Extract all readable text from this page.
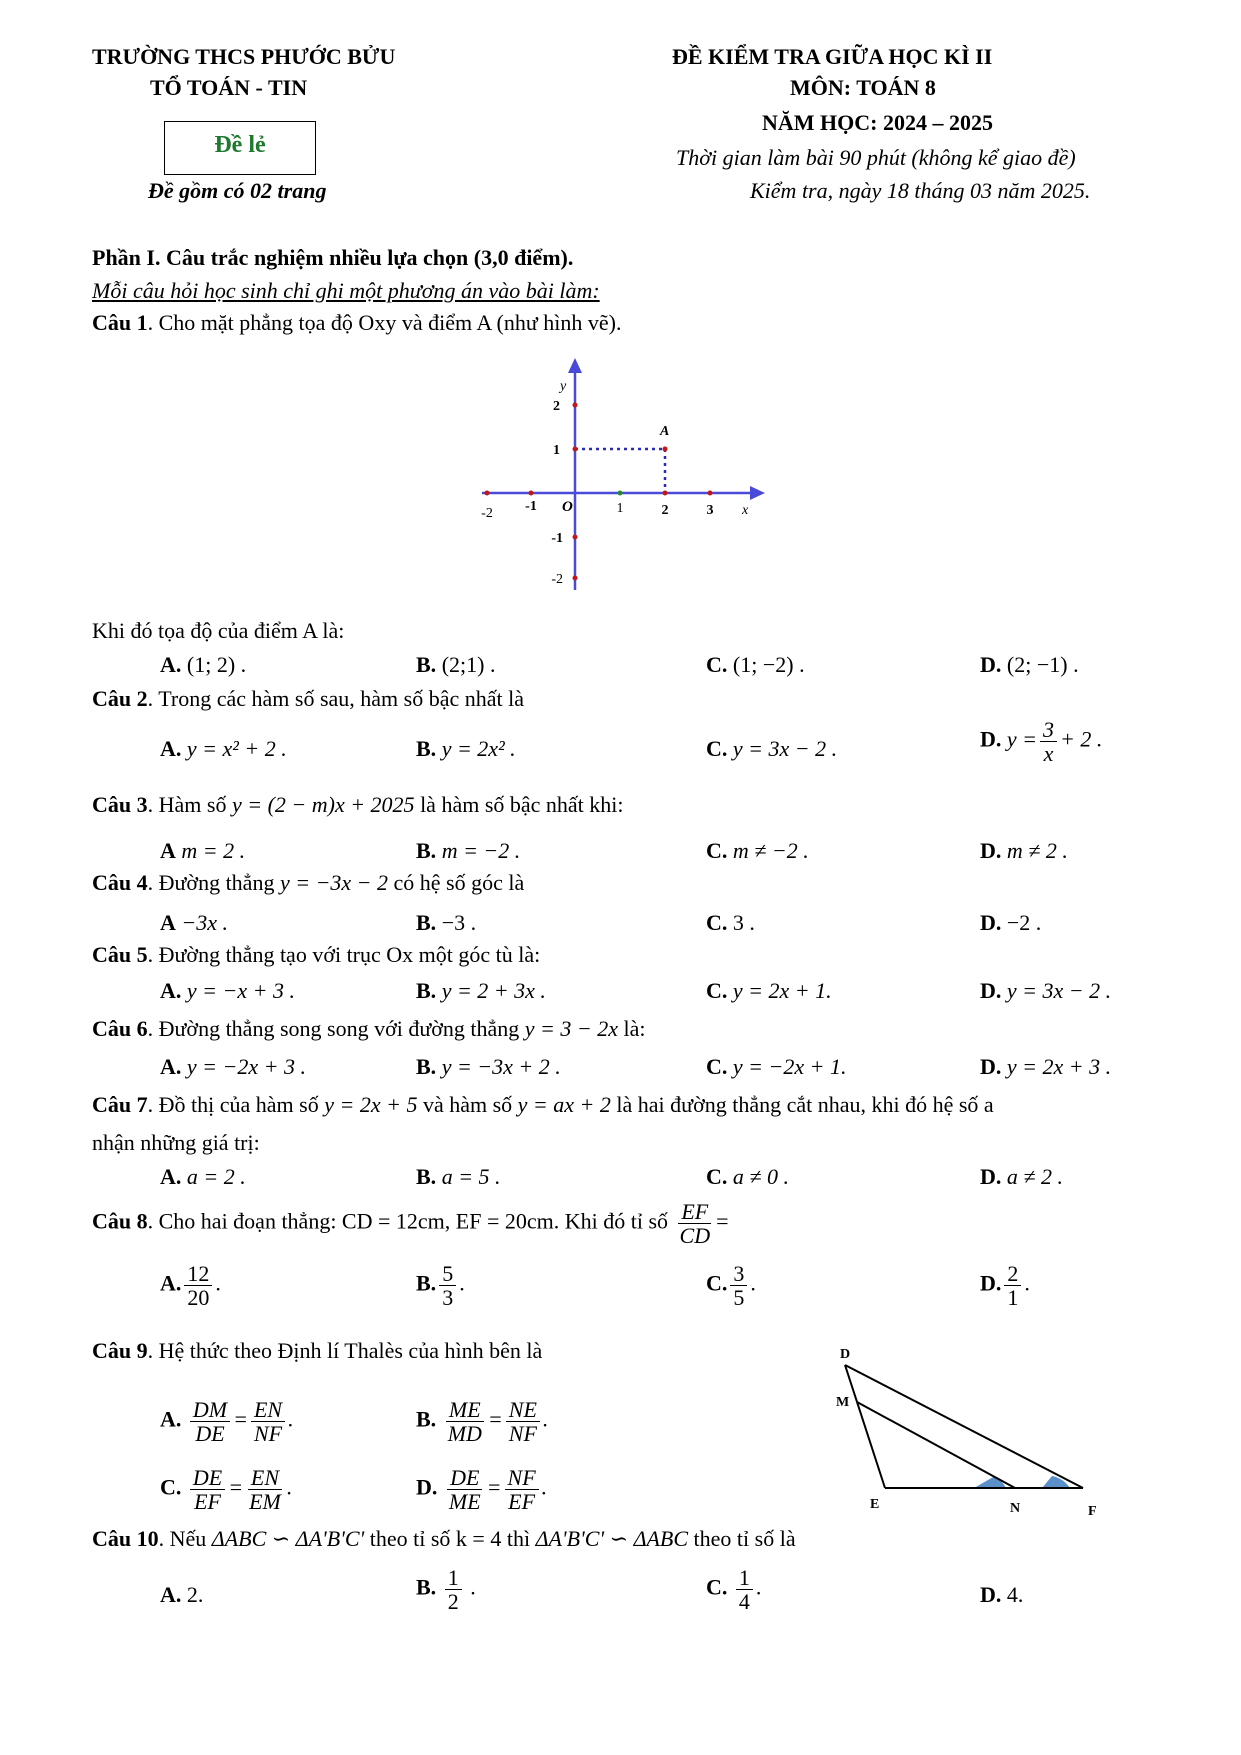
TRƯỜNG THCS PHƯỚC BỬU
TỔ TOÁN - TIN
Đề lẻ
Đề gồm có 02 trang
ĐỀ KIỂM TRA GIỮA HỌC KÌ II
MÔN: TOÁN 8
NĂM HỌC: 2024 – 2025
Thời gian làm bài 90 phút (không kể giao đề)
Kiểm tra, ngày 18 tháng 03 năm 2025.
Phần I. Câu trắc nghiệm nhiều lựa chọn (3,0 điểm).
Mỗi câu hỏi học sinh chỉ ghi một phương án vào bài làm:
Câu 1. Cho mặt phẳng tọa độ Oxy và điểm A (như hình vẽ).
-2 -1	1	2	3
O	x
y
2
1
-1
-2
A
Khi đó tọa độ của điểm A là:
A. (1; 2) .	B. (2;1) .	C. (1; −2) .	D. (2; −1) .
Câu 2. Trong các hàm số sau, hàm số bậc nhất là
A. y = x² + 2 .	B. y = 2x² .	C. y = 3x − 2 .	D. $y = \frac{3}{x} + 2$ .
Câu 3. Hàm số y = (2 − m)x + 2025 là hàm số bậc nhất khi:
A m = 2 .	B. m = −2 .	C. m ≠ −2 .	D. m ≠ 2 .
Câu 4. Đường thẳng y = −3x − 2 có hệ số góc là
A −3x .	B. −3 .	C. 3 .	D. −2 .
Câu 5. Đường thẳng tạo với trục Ox một góc tù là:
A. y = −x + 3 .	B. y = 2 + 3x .	C. y = 2x + 1.	D. y = 3x − 2 .
Câu 6. Đường thẳng song song với đường thẳng y = 3 − 2x là:
A. y = −2x + 3 .	B. y = −3x + 2 .	C. y = −2x + 1.	D. y = 2x + 3 .
Câu 7. Đồ thị của hàm số y = 2x + 5 và hàm số y = ax + 2 là hai đường thẳng cắt nhau, khi đó hệ số a
nhận những giá trị:
A. a = 2 .	B. a = 5 .	C. a ≠ 0 .	D. a ≠ 2 .
Câu 8. Cho hai đoạn thẳng: CD = 12cm, EF = 20cm. Khi đó tỉ số $\frac{EF}{CD}$ =
A. $\frac{12}{20}$ .	B. $\frac{5}{3}$ .	C. $\frac{3}{5}$ .	D. $\frac{2}{1}$ .
Câu 9. Hệ thức theo Định lí Thalès của hình bên là
A. $\frac{DM}{DE} = \frac{EN}{NF}$ .	B. $\frac{ME}{MD} = \frac{NE}{NF}$ .
C. $\frac{DE}{EF} = \frac{EN}{EM}$ .	D. $\frac{DE}{ME} = \frac{NF}{EF}$ .
D
M
E	N	F
Câu 10. Nếu ΔABC ∽ ΔA'B'C' theo tỉ số k = 4 thì ΔA'B'C' ∽ ΔABC theo tỉ số là
A. 2.	B. $\frac{1}{2}$ .	C. $\frac{1}{4}$ .	D. 4.
